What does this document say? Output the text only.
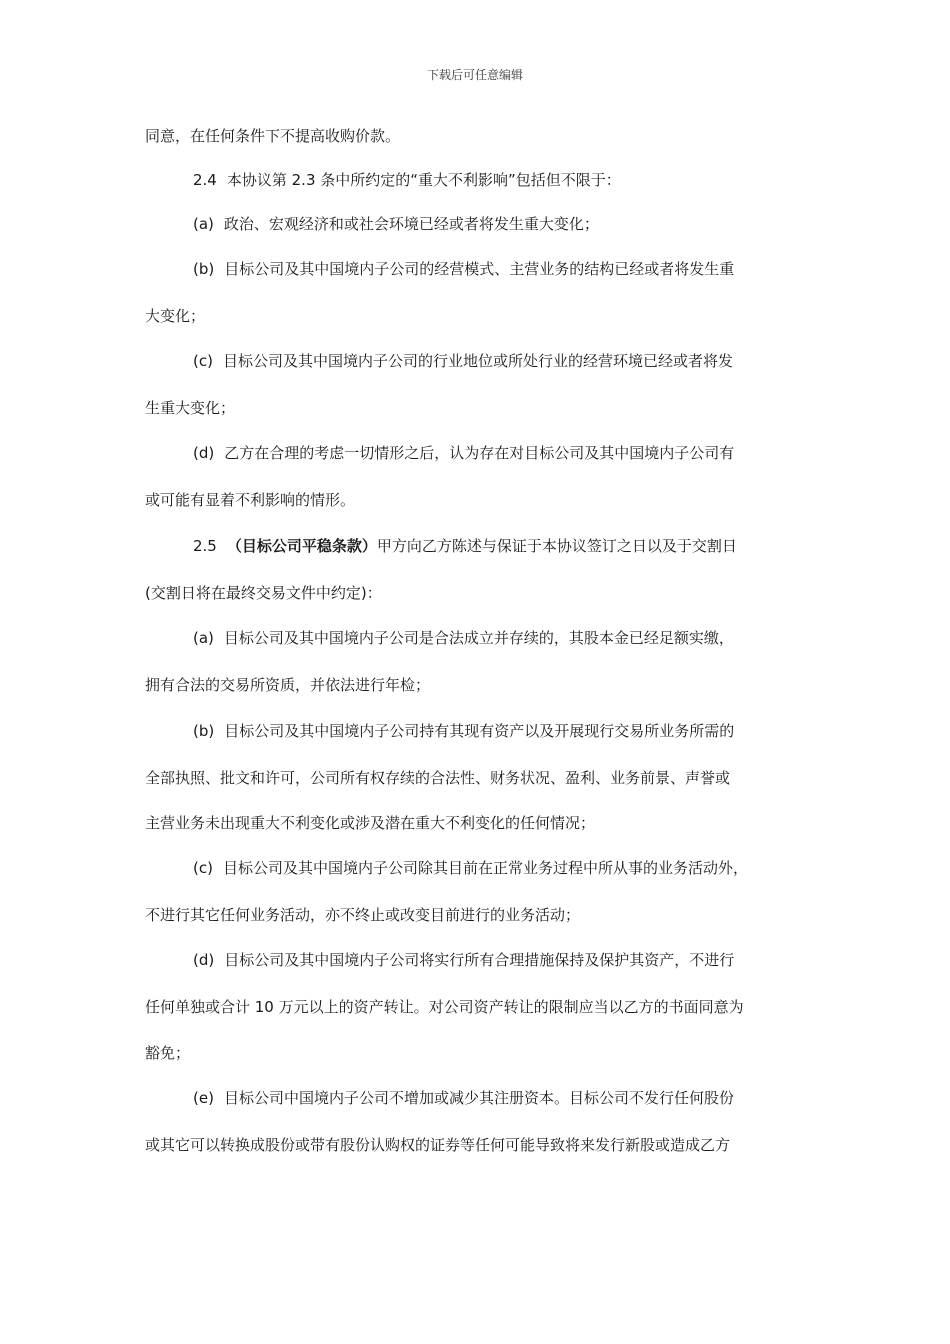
下载后可任意编辑
同意，在任何条件下不提高收购价款。
2.4 本协议第 2.3 条中所约定的“重大不利影响”包括但不限于：
(a) 政治、宏观经济和或社会环境已经或者将发生重大变化；
(b) 目标公司及其中国境内子公司的经营模式、主营业务的结构已经或者将发生重
大变化；
(c) 目标公司及其中国境内子公司的行业地位或所处行业的经营环境已经或者将发
生重大变化；
(d) 乙方在合理的考虑一切情形之后，认为存在对目标公司及其中国境内子公司有
或可能有显着不利影响的情形。
2.5 （目标公司平稳条款）甲方向乙方陈述与保证于本协议签订之日以及于交割日
(交割日将在最终交易文件中约定)：
(a) 目标公司及其中国境内子公司是合法成立并存续的，其股本金已经足额实缴，
拥有合法的交易所资质，并依法进行年检；
(b) 目标公司及其中国境内子公司持有其现有资产以及开展现行交易所业务所需的
全部执照、批文和许可，公司所有权存续的合法性、财务状况、盈利、业务前景、声誉或
主营业务未出现重大不利变化或涉及潜在重大不利变化的任何情况；
(c) 目标公司及其中国境内子公司除其目前在正常业务过程中所从事的业务活动外，
不进行其它任何业务活动，亦不终止或改变目前进行的业务活动；
(d) 目标公司及其中国境内子公司将实行所有合理措施保持及保护其资产，不进行
任何单独或合计 10 万元以上的资产转让。对公司资产转让的限制应当以乙方的书面同意为
豁免；
(e) 目标公司中国境内子公司不增加或减少其注册资本。目标公司不发行任何股份
或其它可以转换成股份或带有股份认购权的证券等任何可能导致将来发行新股或造成乙方
